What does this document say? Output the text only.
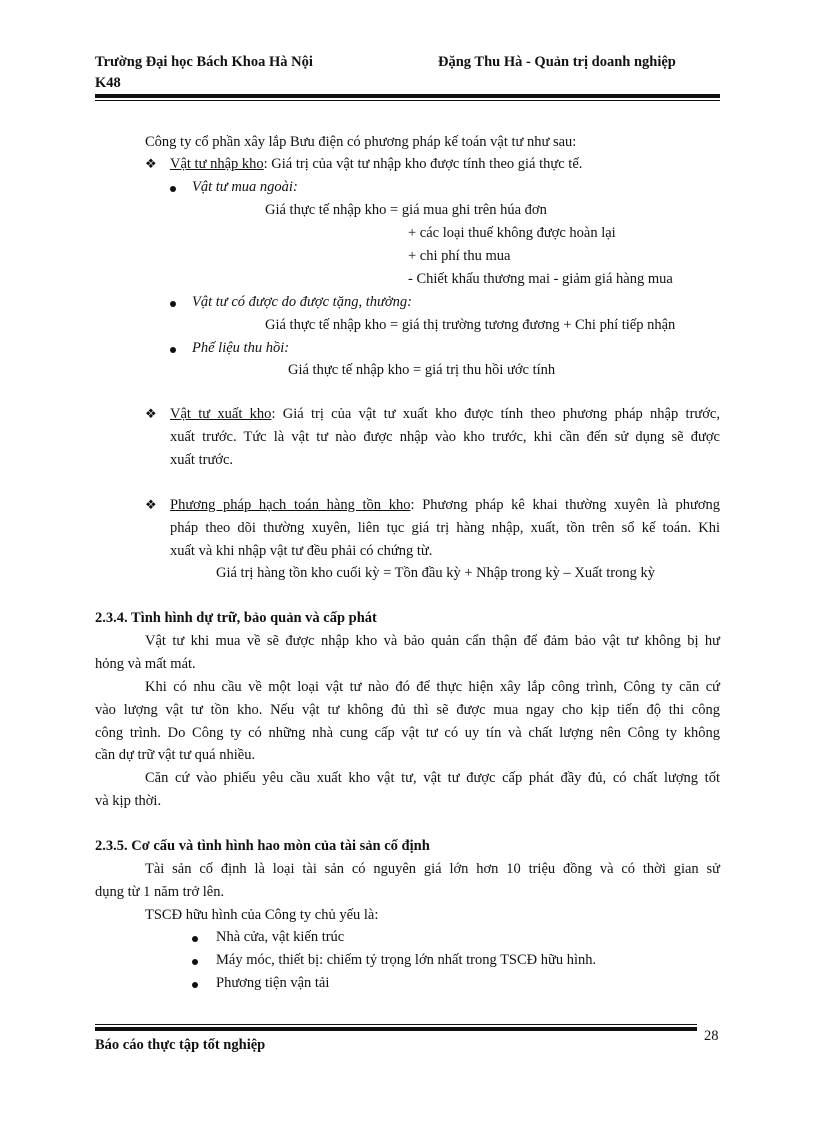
Trường Đại học Bách Khoa Hà Nội	Đặng Thu Hà - Quản trị doanh nghiệp
K48
Công ty cổ phần xây lắp Bưu điện có phương pháp kế toán vật tư như sau:
❖ Vật tư nhập kho: Giá trị của vật tư nhập kho được tính theo giá thực tế.
Vật tư mua ngoài:
Giá thực tế nhập kho = giá mua ghi trên húa đơn
+ các loại thuế không được hoàn lại
+ chi phí thu mua
- Chiết khấu thương mai - giảm giá hàng mua
Vật tư có được do được tặng, thưởng:
Giá thực tế nhập kho = giá thị trường tương đương + Chi phí tiếp nhận
Phế liệu thu hồi:
Giá thực tế nhập kho = giá trị thu hồi ước tính
❖ Vật tư xuất kho: Giá trị của vật tư xuất kho được tính theo phương pháp nhập trước,
xuất trước. Tức là vật tư nào được nhập vào kho trước, khi cần đến sử dụng sẽ được
xuất trước.
❖ Phương pháp hạch toán hàng tồn kho: Phương pháp kê khai thường xuyên là phương
pháp theo dõi thường xuyên, liên tục giá trị hàng nhập, xuất, tồn trên sổ kế toán. Khi
xuất và khi nhập vật tư đều phải có chứng từ.
Giá trị hàng tồn kho cuối kỳ = Tồn đầu kỳ + Nhập trong kỳ – Xuất trong kỳ
2.3.4. Tình hình dự trữ, bảo quản và cấp phát
Vật tư khi mua về sẽ được nhập kho và bảo quản cẩn thận để đảm bảo vật tư không bị hư
hỏng và mất mát.
Khi có nhu cầu về một loại vật tư nào đó để thực hiện xây lắp công trình, Công ty căn cứ
vào lượng vật tư tồn kho. Nếu vật tư không đủ thì sẽ được mua ngay cho kịp tiến độ thi công
công trình. Do Công ty có những nhà cung cấp vật tư có uy tín và chất lượng nên Công ty không
cần dự trữ vật tư quá nhiều.
Căn cứ vào phiếu yêu cầu xuất kho vật tư, vật tư được cấp phát đầy đủ, có chất lượng tốt
và kịp thời.
2.3.5. Cơ cấu và tình hình hao mòn của tài sản cố định
Tài sản cố định là loại tài sản có nguyên giá lớn hơn 10 triệu đồng và có thời gian sử
dụng từ 1 năm trở lên.
TSCĐ hữu hình của Công ty chủ yếu là:
Nhà cửa, vật kiến trúc
Máy móc, thiết bị: chiếm tỷ trọng lớn nhất trong TSCĐ hữu hình.
Phương tiện vận tải
28
Báo cáo thực tập tốt nghiệp
